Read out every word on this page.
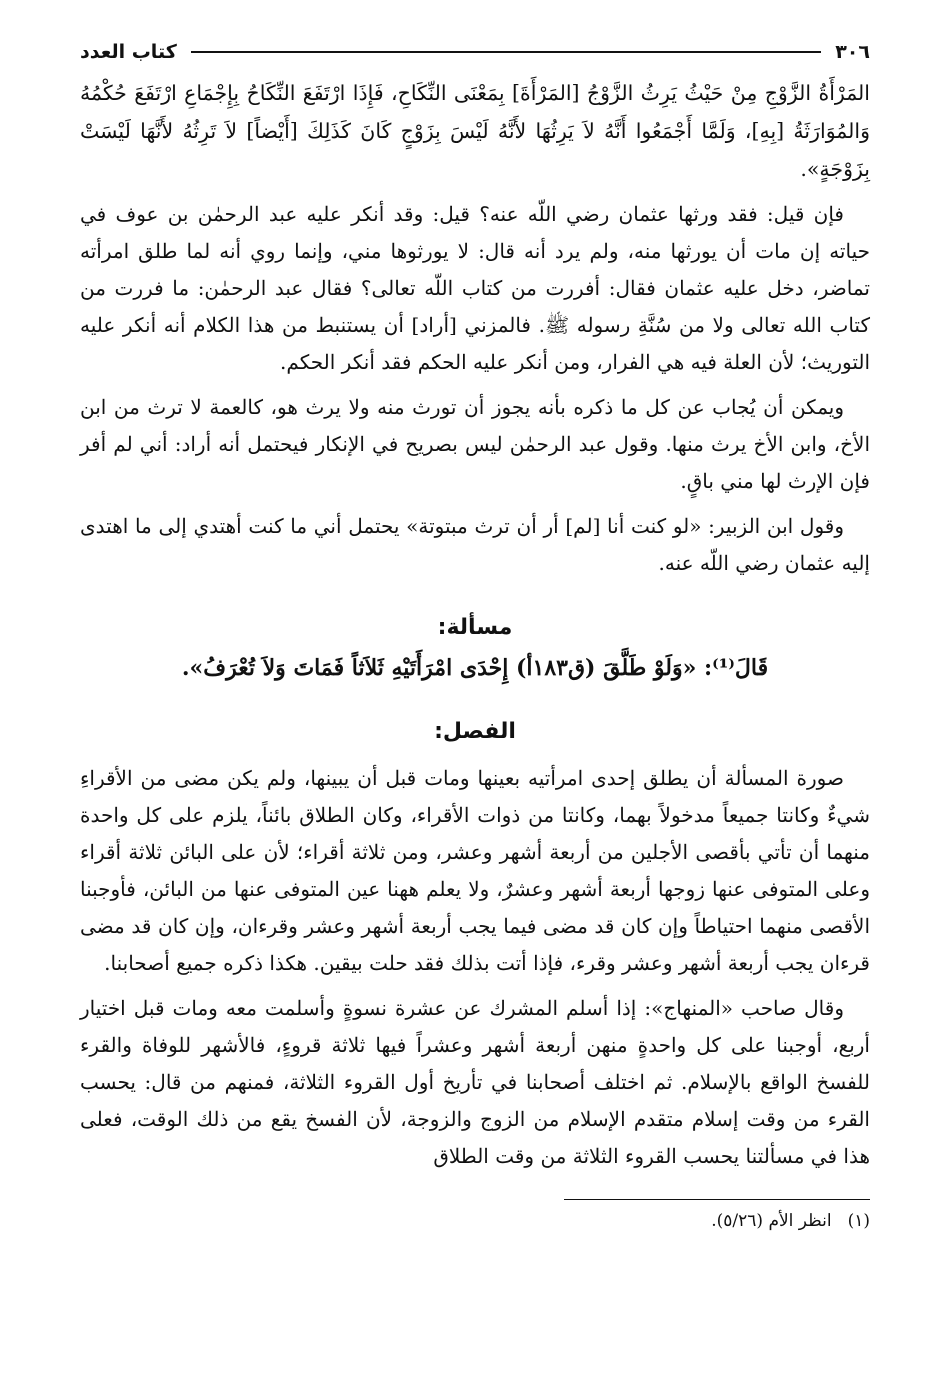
٣٠٦
كتاب العدد

المَرْأَةُ الزَّوْجِ مِنْ حَيْثُ يَرِثُ الزَّوْجُ [المَرْأَةَ] بِمَعْنَى النِّكَاحِ، فَإِذَا ارْتَفَعَ النِّكَاحُ بِإِجْمَاعِ ارْتَفَعَ حُكْمُهُ وَالمُوَارَثَةُ [بِهِ]، وَلَمَّا أَجْمَعُوا أَنَّهُ لاَ يَرِثُهَا لأَنَّهُ لَيْسَ بِزَوْجٍ كَانَ كَذَلِكَ [أَيْضاً] لاَ تَرِثُهُ لأَنَّهَا لَيْسَتْ بِزَوْجَةٍ».

فإن قيل: فقد ورثها عثمان رضي اللّه عنه؟ قيل: وقد أنكر عليه عبد الرحمٰن بن عوف في حياته إن مات أن يورثها منه، ولم يرد أنه قال: لا يورثوها مني، وإنما روي أنه لما طلق امرأته تماضر، دخل عليه عثمان فقال: أفررت من كتاب اللّه تعالى؟ فقال عبد الرحمٰن: ما فررت من كتاب الله تعالى ولا من سُنَّةِ رسوله ﷺ. فالمزني [أراد] أن يستنبط من هذا الكلام أنه أنكر عليه التوريث؛ لأن العلة فيه هي الفرار، ومن أنكر عليه الحكم فقد أنكر الحكم.

ويمكن أن يُجاب عن كل ما ذكره بأنه يجوز أن تورث منه ولا يرث هو، كالعمة لا ترث من ابن الأخ، وابن الأخ يرث منها. وقول عبد الرحمٰن ليس بصريح في الإنكار فيحتمل أنه أراد: أني لم أفر فإن الإرث لها مني باقٍ.

وقول ابن الزبير: «لو كنت أنا [لم] أر أن ترث مبتوتة» يحتمل أني ما كنت أهتدي إلى ما اهتدى إليه عثمان رضي اللّه عنه.

مسألة:

قَالَ⁽¹⁾: «وَلَوْ طَلَّقَ (ق١٨٣أ) إِحْدَى امْرَأَتَيْهِ ثَلاَثاً فَمَاتَ وَلاَ تُعْرَفُ».

الفصل:

صورة المسألة أن يطلق إحدى امرأتيه بعينها ومات قبل أن يبينها، ولم يكن مضى من الأقراءِ شيءٌ وكانتا جميعاً مدخولاً بهما، وكانتا من ذوات الأقراء، وكان الطلاق بائناً، يلزم على كل واحدة منهما أن تأتي بأقصى الأجلين من أربعة أشهر وعشر، ومن ثلاثة أقراء؛ لأن على البائن ثلاثة أقراء وعلى المتوفى عنها زوجها أربعة أشهر وعشرٌ، ولا يعلم ههنا عين المتوفى عنها من البائن، فأوجبنا الأقصى منهما احتياطاً وإن كان قد مضى فيما يجب أربعة أشهر وعشر وقرءان، وإن كان قد مضى قرءان يجب أربعة أشهر وعشر وقرء، فإذا أتت بذلك فقد حلت بيقين. هكذا ذكره جميع أصحابنا.

وقال صاحب «المنهاج»: إذا أسلم المشرك عن عشرة نسوةٍ وأسلمت معه ومات قبل اختيار أربع، أوجبنا على كل واحدةٍ منهن أربعة أشهر وعشراً فيها ثلاثة قروءٍ، فالأشهر للوفاة والقرء للفسخ الواقع بالإسلام. ثم اختلف أصحابنا في تأريخ أول القروء الثلاثة، فمنهم من قال: يحسب القرء من وقت إسلام متقدم الإسلام من الزوج والزوجة، لأن الفسخ يقع من ذلك الوقت، فعلى هذا في مسألتنا يحسب القروء الثلاثة من وقت الطلاق

(١)
انظر الأم (٥/٢٦).
